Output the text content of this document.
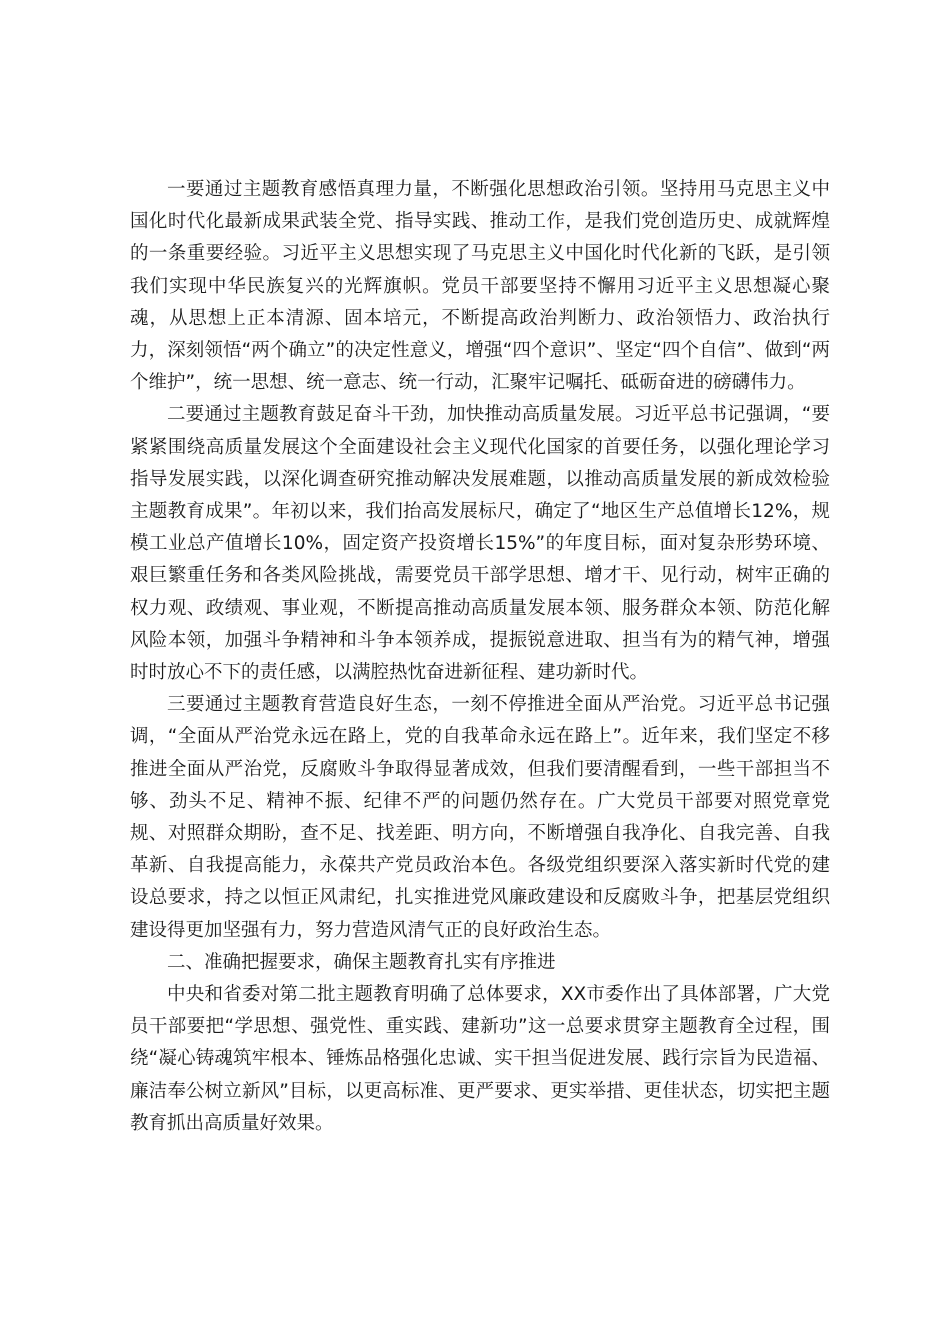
一要通过主题教育感悟真理力量，不断强化思想政治引领。坚持用马克思主义中国化时代化最新成果武装全党、指导实践、推动工作，是我们党创造历史、成就辉煌的一条重要经验。习近平主义思想实现了马克思主义中国化时代化新的飞跃，是引领我们实现中华民族复兴的光辉旗帜。党员干部要坚持不懈用习近平主义思想凝心聚魂，从思想上正本清源、固本培元，不断提高政治判断力、政治领悟力、政治执行力，深刻领悟“两个确立”的决定性意义，增强“四个意识”、坚定“四个自信”、做到“两个维护”，统一思想、统一意志、统一行动，汇聚牢记嘱托、砥砺奋进的磅礴伟力。

二要通过主题教育鼓足奋斗干劲，加快推动高质量发展。习近平总书记强调，“要紧紧围绕高质量发展这个全面建设社会主义现代化国家的首要任务，以强化理论学习指导发展实践，以深化调查研究推动解决发展难题，以推动高质量发展的新成效检验主题教育成果”。年初以来，我们抬高发展标尺，确定了“地区生产总值增长12%，规模工业总产值增长10%，固定资产投资增长15%”的年度目标，面对复杂形势环境、艰巨繁重任务和各类风险挑战，需要党员干部学思想、增才干、见行动，树牢正确的权力观、政绩观、事业观，不断提高推动高质量发展本领、服务群众本领、防范化解风险本领，加强斗争精神和斗争本领养成，提振锐意进取、担当有为的精气神，增强时时放心不下的责任感，以满腔热忱奋进新征程、建功新时代。

三要通过主题教育营造良好生态，一刻不停推进全面从严治党。习近平总书记强调，“全面从严治党永远在路上，党的自我革命永远在路上”。近年来，我们坚定不移推进全面从严治党，反腐败斗争取得显著成效，但我们要清醒看到，一些干部担当不够、劲头不足、精神不振、纪律不严的问题仍然存在。广大党员干部要对照党章党规、对照群众期盼，查不足、找差距、明方向，不断增强自我净化、自我完善、自我革新、自我提高能力，永葆共产党员政治本色。各级党组织要深入落实新时代党的建设总要求，持之以恒正风肃纪，扎实推进党风廉政建设和反腐败斗争，把基层党组织建设得更加坚强有力，努力营造风清气正的良好政治生态。

二、准确把握要求，确保主题教育扎实有序推进

中央和省委对第二批主题教育明确了总体要求，XX市委作出了具体部署，广大党员干部要把“学思想、强党性、重实践、建新功”这一总要求贯穿主题教育全过程，围绕“凝心铸魂筑牢根本、锤炼品格强化忠诚、实干担当促进发展、践行宗旨为民造福、廉洁奉公树立新风”目标，以更高标准、更严要求、更实举措、更佳状态，切实把主题教育抓出高质量好效果。
